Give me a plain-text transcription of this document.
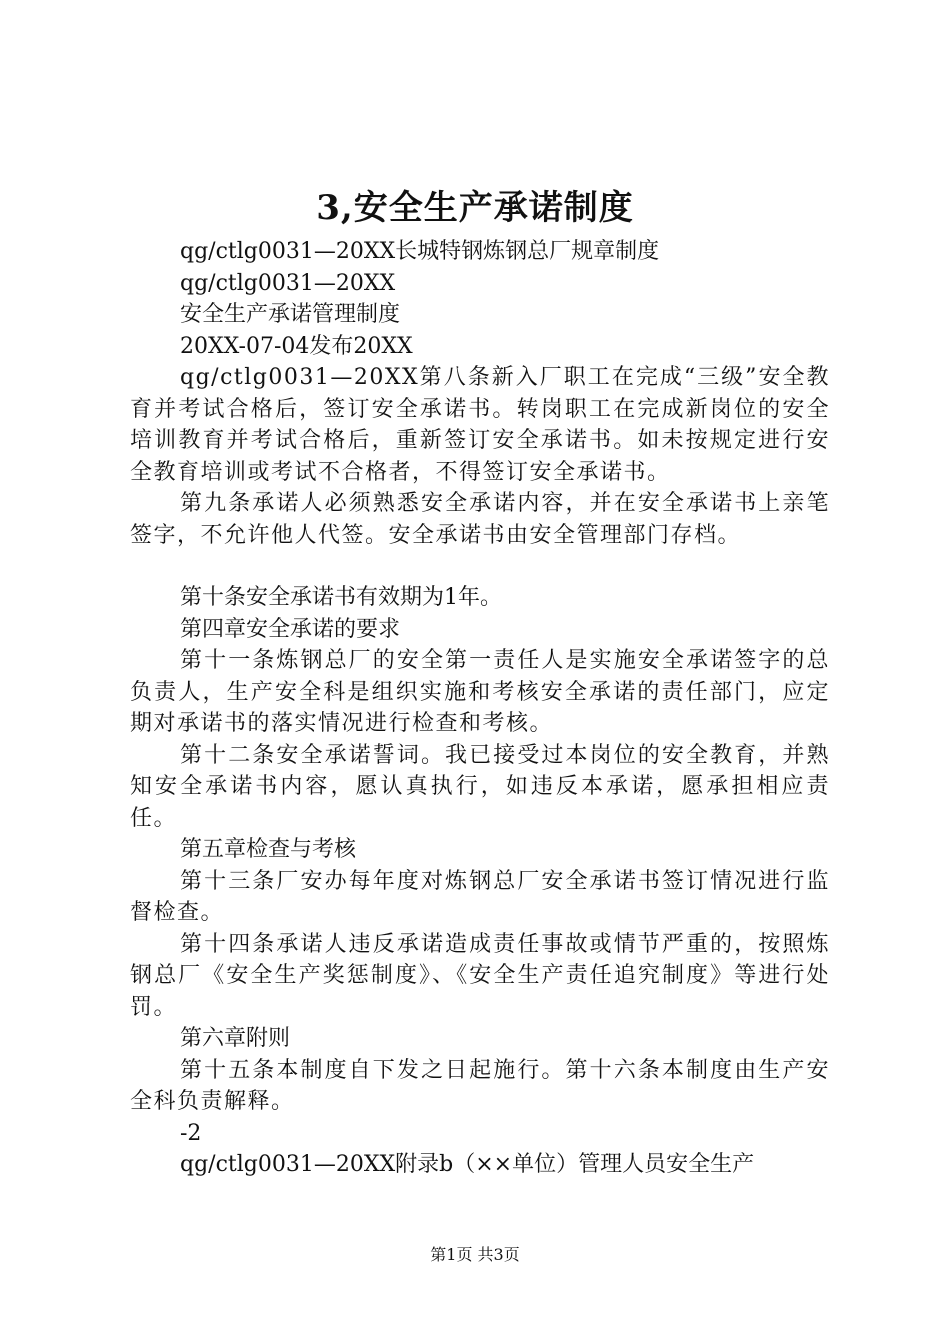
3,安全生产承诺制度

qg/ctlg0031—20XX长城特钢炼钢总厂规章制度

qg/ctlg0031—20XX

安全生产承诺管理制度

20XX-07-04发布20XX

qg/ctlg0031—20XX第八条新入厂职工在完成“三级”安全教育并考试合格后，签订安全承诺书。转岗职工在完成新岗位的安全培训教育并考试合格后，重新签订安全承诺书。如未按规定进行安全教育培训或考试不合格者，不得签订安全承诺书。

第九条承诺人必须熟悉安全承诺内容，并在安全承诺书上亲笔签字，不允许他人代签。安全承诺书由安全管理部门存档。

第十条安全承诺书有效期为1年。

第四章安全承诺的要求

第十一条炼钢总厂的安全第一责任人是实施安全承诺签字的总负责人，生产安全科是组织实施和考核安全承诺的责任部门，应定期对承诺书的落实情况进行检查和考核。

第十二条安全承诺誓词。我已接受过本岗位的安全教育，并熟知安全承诺书内容，愿认真执行，如违反本承诺，愿承担相应责任。

第五章检查与考核

第十三条厂安办每年度对炼钢总厂安全承诺书签订情况进行监督检查。

第十四条承诺人违反承诺造成责任事故或情节严重的，按照炼钢总厂《安全生产奖惩制度》、《安全生产责任追究制度》等进行处罚。

第六章附则

第十五条本制度自下发之日起施行。第十六条本制度由生产安全科负责解释。

-2

qg/ctlg0031—20XX附录b（××单位）管理人员安全生产

第1页 共3页
